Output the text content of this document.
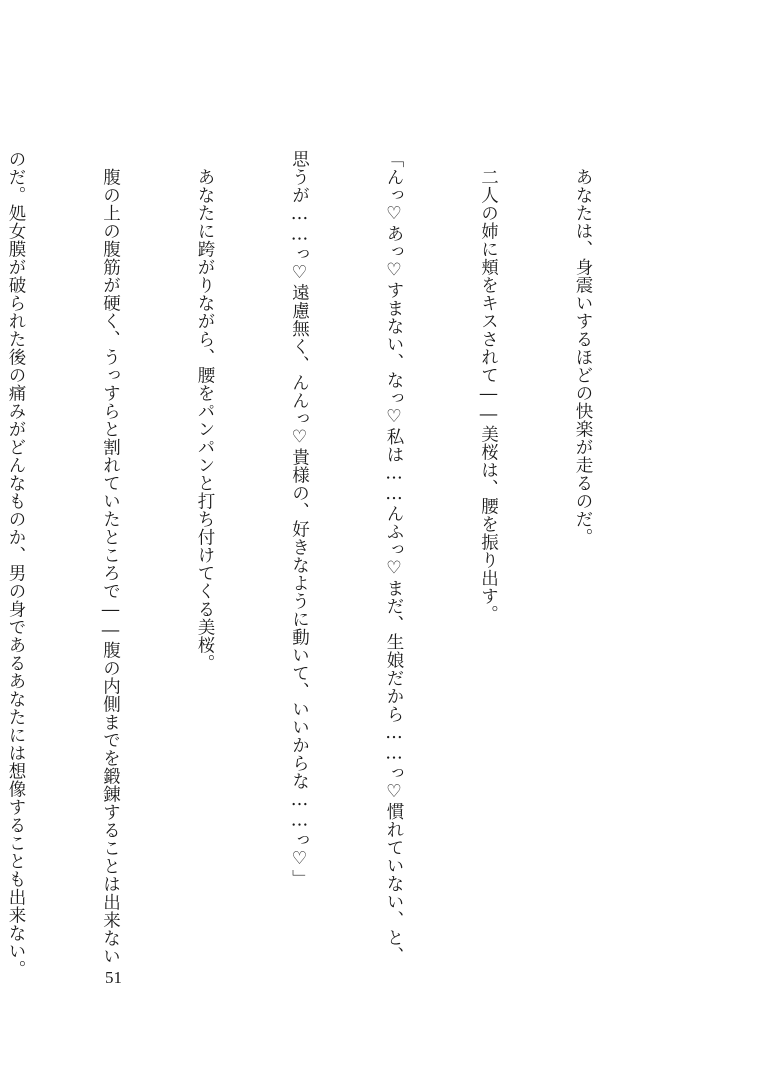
　あなたは、身震いするほどの快楽が走るのだ。

　二人の姉に頬をキスされて――美桜は、腰を振り出す。

「んっ♡あっ♡すまない、なっ♡私は……んふっ♡まだ、生娘だから……っ♡慣れていない、と、

思うが……っ♡遠慮無く、んんっ♡貴様の、好きなように動いて、いいからな……っ♡」

　あなたに跨がりながら、腰をパンパンと打ち付けてくる美桜。

　腹の上の腹筋が硬く、うっすらと割れていたところで――腹の内側までを鍛錬することは出来ない

のだ。処女膜が破られた後の痛みがどんなものか、男の身であるあなたには想像することも出来ない。

	51
